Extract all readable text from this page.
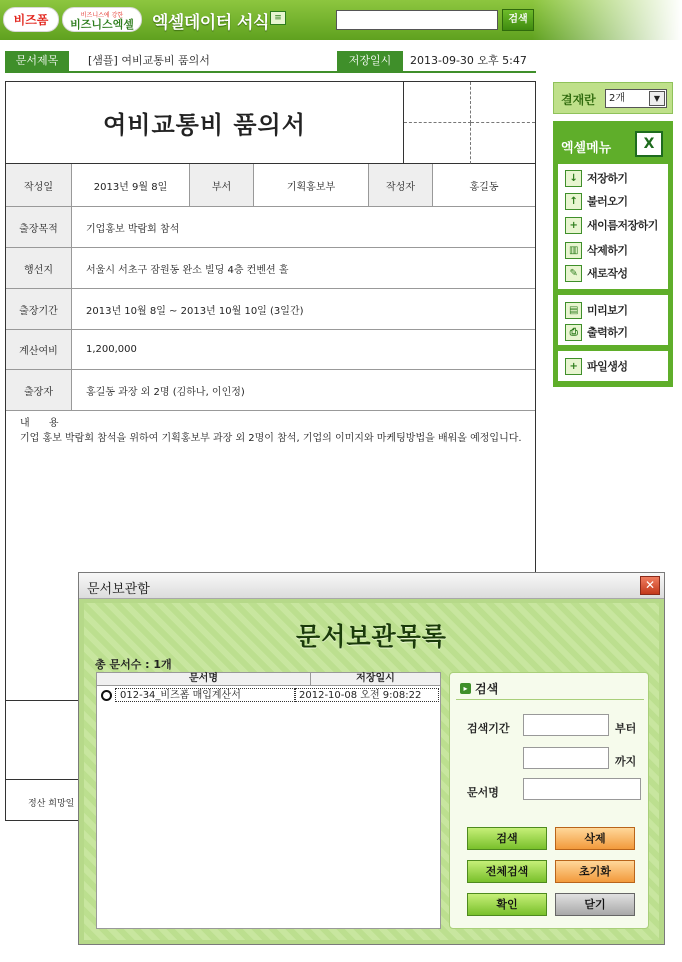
비즈폼	비즈니스에 강한
비즈니스엑셀 엑셀데이터 서식 ≡	검색
문서제목	[샘플] 여비교통비 품의서	저장일시	2013-09-30 오후 5:47
여비교통비 품의서
작성일	2013년 9월 8일	부서	기획홍보부	작성자	홍길동
출장목적	기업홍보 박람회 참석
행선지	서울시 서초구 잠원동 완소 빌딩 4층 컨벤션 홀
출장기간	2013년 10월 8일 ~ 2013년 10월 10일 (3일간)
계산여비	1,200,000
출장자	홍길동 과장 외 2명 (김하나, 이인정)
내 용
기업 홍보 박람회 참석을 위하여 기획홍보부 과장 외 2명이 참석, 기업의 이미지와 마케팅방법을 배워올 예정입니다.
정산 희망일
결재란	2개	▼
엑셀메뉴	X
↓ 저장하기
↑ 불러오기
+ 새이름저장하기
▥ 삭제하기
✎ 새로작성
▤ 미리보기
⎙ 출력하기
+ 파일생성
문서보관함	✕
문서보관목록
총 문서수 : 1개
문서명	저장일시
012-34_비즈폼 매입계산서	2012-10-08 오전 9:08:22
▸ 검색
검색기간	부터
까지
문서명
검색	삭제
전체검색	초기화
확인	닫기
